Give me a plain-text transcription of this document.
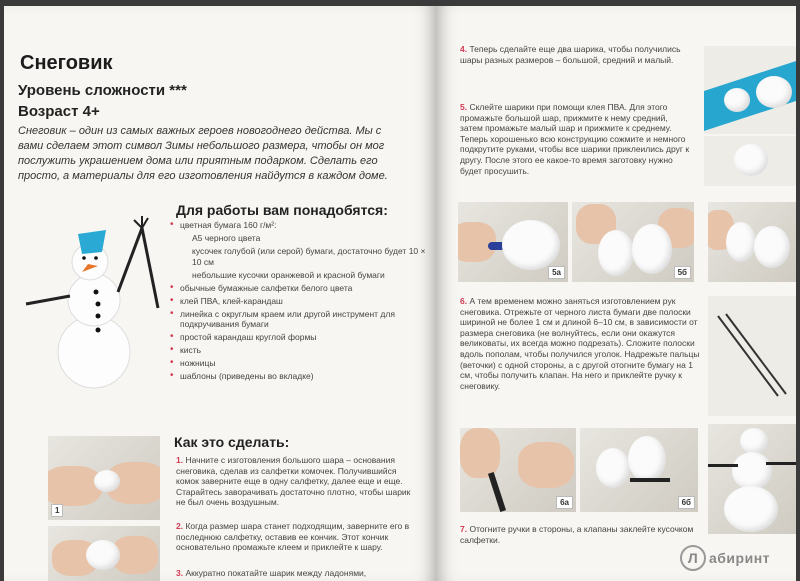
Снеговик
Уровень сложности ***
Возраст 4+
Снеговик – один из самых важных героев новогоднего действа. Мы с вами сделаем этот символ Зимы небольшого размера, чтобы он мог послужить украшением дома или приятным подарком. Сделать его просто, а материалы для его изготовления найдутся в каждом доме.
Для работы вам понадобятся:
• цветная бумага 160 г/м²:
А5 черного цвета
кусочек голубой (или серой) бумаги, достаточно будет 10 × 10 см
небольшие кусочки оранжевой и красной бумаги
• обычные бумажные салфетки белого цвета
• клей ПВА, клей-карандаш
• линейка с округлым краем или другой инструмент для подкручивания бумаги
• простой карандаш круглой формы
• кисть
• ножницы
• шаблоны (приведены во вкладке)
Как это сделать:
1
1. Начните с изготовления большого шара – основания снеговика, сделав из салфетки комочек. Получившийся комок заверните еще в одну салфетку, далее еще и еще. Старайтесь заворачивать достаточно плотно, чтобы шарик не был очень воздушным.
2. Когда размер шара станет подходящим, заверните его в последнюю салфетку, оставив ее кончик. Этот кончик основательно промажьте клеем и приклейте к шару.
3. Аккуратно покатайте шарик между ладонями,
4. Теперь сделайте еще два шарика, чтобы получились шары разных размеров – большой, средний и малый.
5. Склейте шарики при помощи клея ПВА. Для этого промажьте большой шар, прижмите к нему средний, затем промажьте малый шар и прижмите к среднему. Теперь хорошенько всю конструкцию сожмите и немного подкрутите руками, чтобы все шарики приклеились друг к другу. После этого ее какое-то время заготовку нужно будет просушить.
5а	5б
6. А тем временем можно заняться изготовлением рук снеговика. Отрежьте от черного листа бумаги две полоски шириной не более 1 см и длиной 6–10 см, в зависимости от размера снеговика (не волнуйтесь, если они окажутся великоваты, их всегда можно подрезать). Сложите полоски вдоль пополам, чтобы получился уголок. Надрежьте пальцы (веточки) с одной стороны, а с другой отогните бумагу на 1 см, чтобы получить клапан. На него и приклейте ручку к снеговику.
6а	6б
7. Отогните ручки в стороны, а клапаны заклейте кусочком салфетки.
Л абиринт
